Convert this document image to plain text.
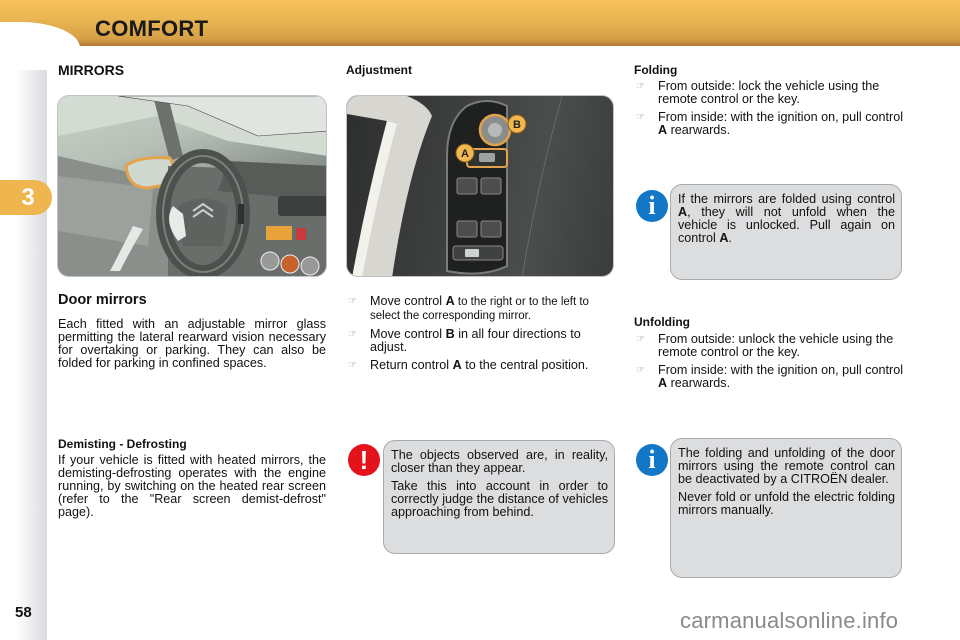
COMFORT
3
58
MIRRORS
Door mirrors
Each fitted with an adjustable mirror glass permitting the lateral rearward vision necessary for overtaking or parking. They can also be folded for parking in confined spaces.
Demisting - Defrosting
If your vehicle is fitted with heated mirrors, the demisting-defrosting operates with the engine running, by switching on the heated rear screen (refer to the "Rear screen demist-defrost" page).
Adjustment
B
A
☞ Move control A to the right or to the left to select the corresponding mirror.
☞ Move control B in all four directions to adjust.
☞ Return control A to the central position.
!	The objects observed are, in reality, closer than they appear.

Take this into account in order to correctly judge the distance of vehicles approaching from behind.

Folding
☞ From outside: lock the vehicle using the remote control or the key.
☞ From inside: with the ignition on, pull control A rearwards.
i	If the mirrors are folded using control A, they will not unfold when the vehicle is unlocked. Pull again on control A.

Unfolding
☞ From outside: unlock the vehicle using the remote control or the key.
☞ From inside: with the ignition on, pull control A rearwards.
i	The folding and unfolding of the door mirrors using the remote control can be deactivated by a CITROËN dealer.

Never fold or unfold the electric folding mirrors manually.

carmanualsonline.info
